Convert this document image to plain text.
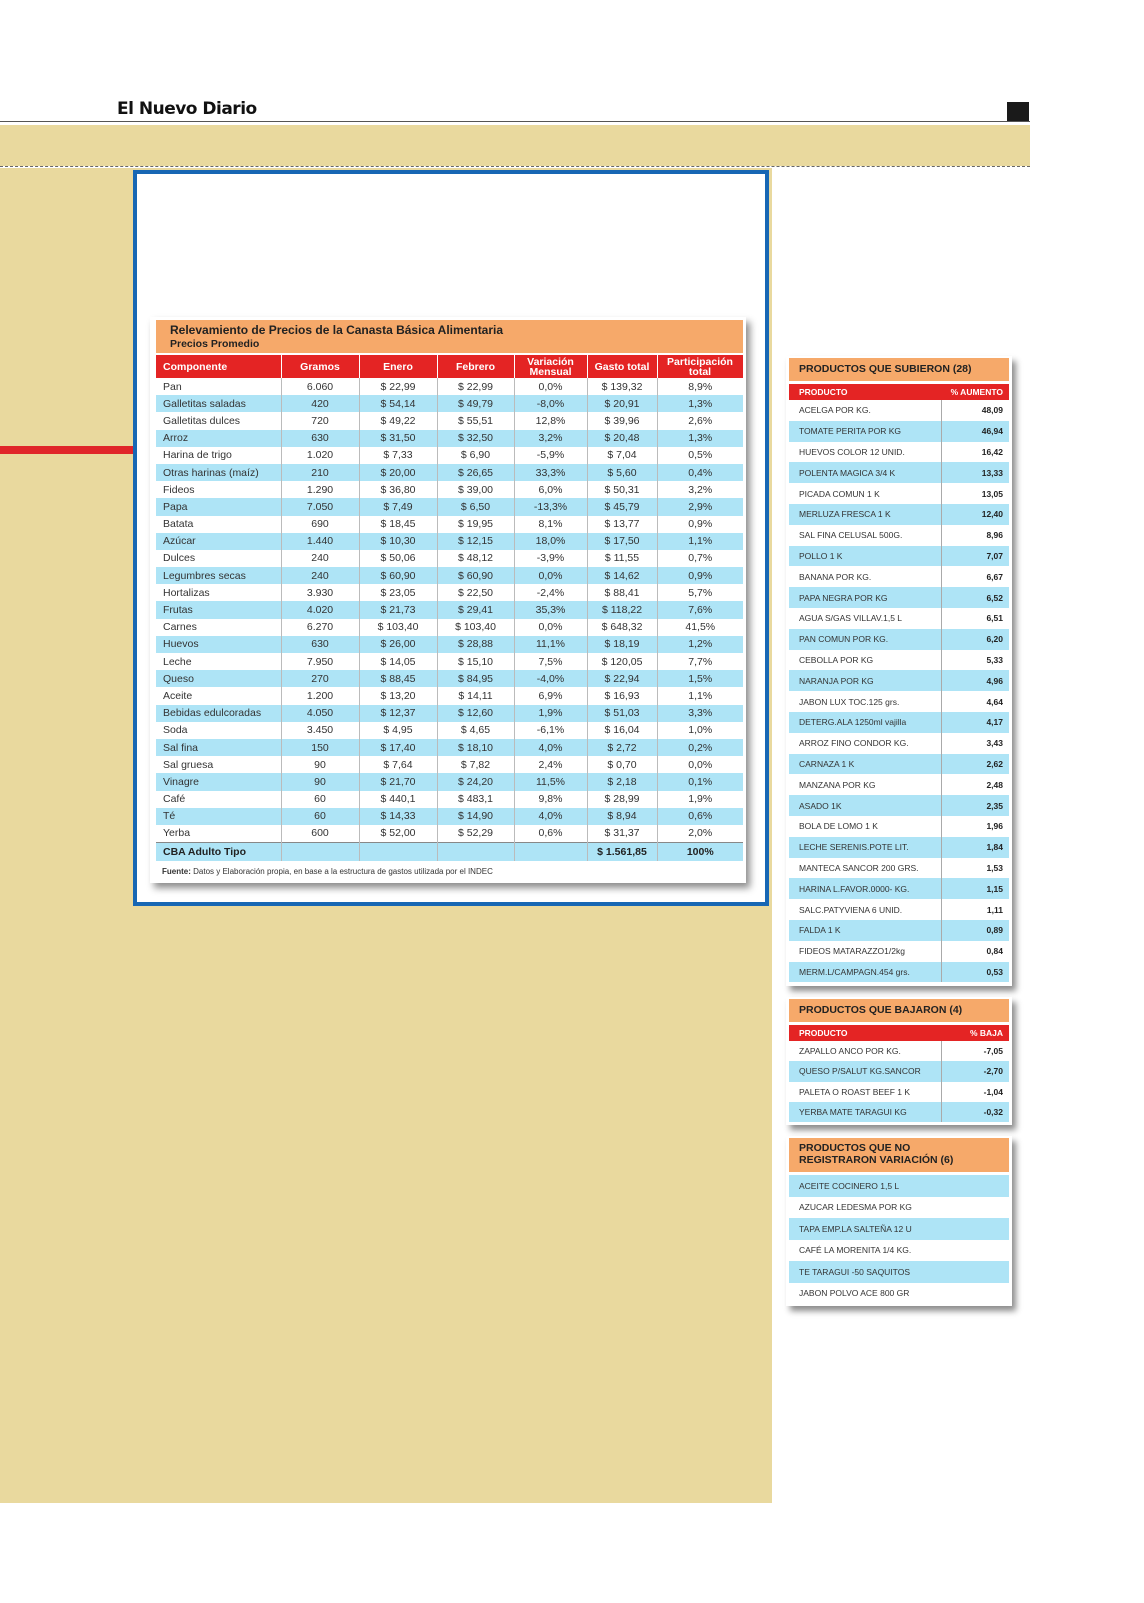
El Nuevo Diario
Relevamiento de Precios de la Canasta Básica Alimentaria
Precios Promedio
Componente	Gramos	Enero	Febrero	Variación Mensual	Gasto total	Participación total
Pan	6.060	$ 22,99	$ 22,99	0,0%	$ 139,32	8,9%
Galletitas saladas	420	$ 54,14	$ 49,79	-8,0%	$ 20,91	1,3%
Galletitas dulces	720	$ 49,22	$ 55,51	12,8%	$ 39,96	2,6%
Arroz	630	$ 31,50	$ 32,50	3,2%	$ 20,48	1,3%
Harina de trigo	1.020	$ 7,33	$ 6,90	-5,9%	$ 7,04	0,5%
Otras harinas (maíz)	210	$ 20,00	$ 26,65	33,3%	$ 5,60	0,4%
Fideos	1.290	$ 36,80	$ 39,00	6,0%	$ 50,31	3,2%
Papa	7.050	$ 7,49	$ 6,50	-13,3%	$ 45,79	2,9%
Batata	690	$ 18,45	$ 19,95	8,1%	$ 13,77	0,9%
Azúcar	1.440	$ 10,30	$ 12,15	18,0%	$ 17,50	1,1%
Dulces	240	$ 50,06	$ 48,12	-3,9%	$ 11,55	0,7%
Legumbres secas	240	$ 60,90	$ 60,90	0,0%	$ 14,62	0,9%
Hortalizas	3.930	$ 23,05	$ 22,50	-2,4%	$ 88,41	5,7%
Frutas	4.020	$ 21,73	$ 29,41	35,3%	$ 118,22	7,6%
Carnes	6.270	$ 103,40	$ 103,40	0,0%	$ 648,32	41,5%
Huevos	630	$ 26,00	$ 28,88	11,1%	$ 18,19	1,2%
Leche	7.950	$ 14,05	$ 15,10	7,5%	$ 120,05	7,7%
Queso	270	$ 88,45	$ 84,95	-4,0%	$ 22,94	1,5%
Aceite	1.200	$ 13,20	$ 14,11	6,9%	$ 16,93	1,1%
Bebidas edulcoradas	4.050	$ 12,37	$ 12,60	1,9%	$ 51,03	3,3%
Soda	3.450	$ 4,95	$ 4,65	-6,1%	$ 16,04	1,0%
Sal fina	150	$ 17,40	$ 18,10	4,0%	$ 2,72	0,2%
Sal gruesa	90	$ 7,64	$ 7,82	2,4%	$ 0,70	0,0%
Vinagre	90	$ 21,70	$ 24,20	11,5%	$ 2,18	0,1%
Café	60	$ 440,1	$ 483,1	9,8%	$ 28,99	1,9%
Té	60	$ 14,33	$ 14,90	4,0%	$ 8,94	0,6%
Yerba	600	$ 52,00	$ 52,29	0,6%	$ 31,37	2,0%
CBA Adulto Tipo					$ 1.561,85	100%
Fuente: Datos y Elaboración propia, en base a la estructura de gastos utilizada por el INDEC
PRODUCTOS QUE SUBIERON (28)
PRODUCTO	% AUMENTO
ACELGA POR KG.	48,09
TOMATE PERITA POR KG	46,94
HUEVOS COLOR 12 UNID.	16,42
POLENTA MAGICA 3/4 K	13,33
PICADA COMUN 1 K	13,05
MERLUZA FRESCA 1 K	12,40
SAL FINA CELUSAL 500G.	8,96
POLLO 1 K	7,07
BANANA POR KG.	6,67
PAPA NEGRA POR KG	6,52
AGUA S/GAS VILLAV.1,5 L	6,51
PAN COMUN POR KG.	6,20
CEBOLLA POR KG	5,33
NARANJA POR KG	4,96
JABON LUX TOC.125 grs.	4,64
DETERG.ALA 1250ml vajilla	4,17
ARROZ FINO CONDOR KG.	3,43
CARNAZA 1 K	2,62
MANZANA POR KG	2,48
ASADO 1K	2,35
BOLA DE LOMO 1 K	1,96
LECHE SERENIS.POTE LIT.	1,84
MANTECA SANCOR 200 GRS.	1,53
HARINA L.FAVOR.0000- KG.	1,15
SALC.PATYVIENA 6 UNID.	1,11
FALDA 1 K	0,89
FIDEOS MATARAZZO1/2kg	0,84
MERM.L/CAMPAGN.454 grs.	0,53
PRODUCTOS QUE BAJARON (4)
PRODUCTO	% BAJA
ZAPALLO ANCO POR KG.	-7,05
QUESO P/SALUT KG.SANCOR	-2,70
PALETA O ROAST BEEF 1 K	-1,04
YERBA MATE TARAGUI KG	-0,32
PRODUCTOS QUE NO
REGISTRARON VARIACIÓN (6)
ACEITE COCINERO 1,5 L
AZUCAR LEDESMA POR KG
TAPA EMP.LA SALTEÑA 12 U
CAFÉ LA MORENITA 1/4 KG.
TE TARAGUI -50 SAQUITOS
JABON POLVO ACE 800 GR
